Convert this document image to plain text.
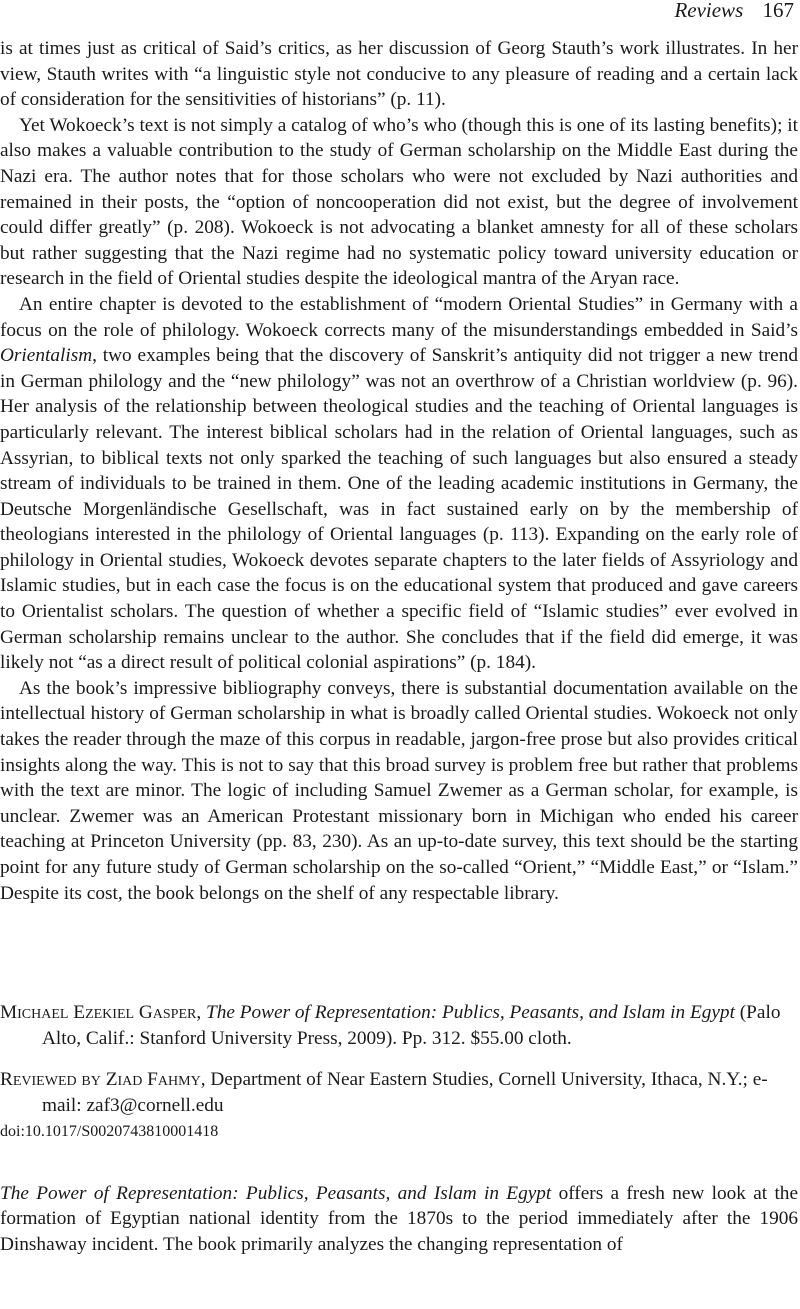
Reviews 167

is at times just as critical of Said’s critics, as her discussion of Georg Stauth’s work illustrates. In her view, Stauth writes with “a linguistic style not conducive to any pleasure of reading and a certain lack of consideration for the sensitivities of historians” (p. 11).

Yet Wokoeck’s text is not simply a catalog of who’s who (though this is one of its lasting benefits); it also makes a valuable contribution to the study of German scholarship on the Middle East during the Nazi era. The author notes that for those scholars who were not excluded by Nazi authorities and remained in their posts, the “option of noncooperation did not exist, but the degree of involvement could differ greatly” (p. 208). Wokoeck is not advocating a blanket amnesty for all of these scholars but rather suggesting that the Nazi regime had no systematic policy toward university education or research in the field of Oriental studies despite the ideological mantra of the Aryan race.

An entire chapter is devoted to the establishment of “modern Oriental Studies” in Germany with a focus on the role of philology. Wokoeck corrects many of the misunderstandings embedded in Said’s Orientalism, two examples being that the discovery of Sanskrit’s antiquity did not trigger a new trend in German philology and the “new philology” was not an overthrow of a Christian worldview (p. 96). Her analysis of the relationship between theological studies and the teaching of Oriental languages is particularly relevant. The interest biblical scholars had in the relation of Oriental languages, such as Assyrian, to biblical texts not only sparked the teaching of such languages but also ensured a steady stream of individuals to be trained in them. One of the leading academic institutions in Germany, the Deutsche Morgenländische Gesellschaft, was in fact sustained early on by the membership of theologians interested in the philology of Oriental languages (p. 113). Expanding on the early role of philology in Oriental studies, Wokoeck devotes separate chapters to the later fields of Assyriology and Islamic studies, but in each case the focus is on the educational system that produced and gave careers to Orientalist scholars. The question of whether a specific field of “Islamic studies” ever evolved in German scholarship remains unclear to the author. She concludes that if the field did emerge, it was likely not “as a direct result of political colonial aspirations” (p. 184).

As the book’s impressive bibliography conveys, there is substantial documentation available on the intellectual history of German scholarship in what is broadly called Oriental studies. Wokoeck not only takes the reader through the maze of this corpus in readable, jargon-free prose but also provides critical insights along the way. This is not to say that this broad survey is problem free but rather that problems with the text are minor. The logic of including Samuel Zwemer as a German scholar, for example, is unclear. Zwemer was an American Protestant missionary born in Michigan who ended his career teaching at Princeton University (pp. 83, 230). As an up-to-date survey, this text should be the starting point for any future study of German scholarship on the so-called “Orient,” “Middle East,” or “Islam.” Despite its cost, the book belongs on the shelf of any respectable library.

Michael Ezekiel Gasper, The Power of Representation: Publics, Peasants, and Islam in Egypt (Palo Alto, Calif.: Stanford University Press, 2009). Pp. 312. $55.00 cloth.

Reviewed by Ziad Fahmy, Department of Near Eastern Studies, Cornell University, Ithaca, N.Y.; e-mail: zaf3@cornell.edu

doi:10.1017/S0020743810001418

The Power of Representation: Publics, Peasants, and Islam in Egypt offers a fresh new look at the formation of Egyptian national identity from the 1870s to the period immediately after the 1906 Dinshaway incident. The book primarily analyzes the changing representation of
